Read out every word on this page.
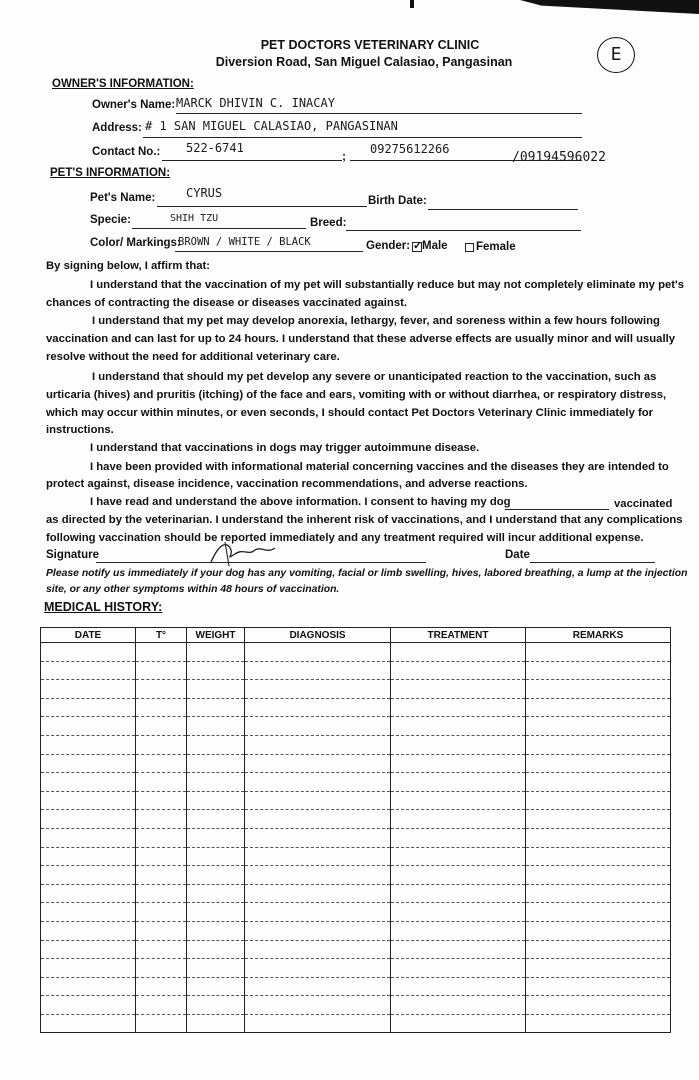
PET DOCTORS VETERINARY CLINIC
Diversion Road, San Miguel Calasiao, Pangasinan	E
OWNER'S INFORMATION:
Owner's Name: MARCK DHIVIN C. INACAY
Address: # 1 SAN MIGUEL CALASIAO, PANGASINAN
Contact No.:	;
522-6741	09275612266
/09194596022
PET'S INFORMATION:
Pet's Name:	CYRUS
Birth Date:
Specie:	SHIH TZU	Breed:
Color/ Markings:
BROWN / WHITE / BLACK	Gender: ✓ Male Female
By signing below, I affirm that:
I understand that the vaccination of my pet will substantially reduce but may not completely eliminate my pet's
chances of contracting the disease or diseases vaccinated against.
I understand that my pet may develop anorexia, lethargy, fever, and soreness within a few hours following
vaccination and can last for up to 24 hours. I understand that these adverse effects are usually minor and will usually
resolve without the need for additional veterinary care.
I understand that should my pet develop any severe or unanticipated reaction to the vaccination, such as
urticaria (hives) and pruritis (itching) of the face and ears, vomiting with or without diarrhea, or respiratory distress,
which may occur within minutes, or even seconds, I should contact Pet Doctors Veterinary Clinic immediately for
instructions.
I understand that vaccinations in dogs may trigger autoimmune disease.
I have been provided with informational material concerning vaccines and the diseases they are intended to
protect against, disease incidence, vaccination recommendations, and adverse reactions.
I have read and understand the above information. I consent to having my dog	vaccinated
as directed by the veterinarian. I understand the inherent risk of vaccinations, and I understand that any complications
following vaccination should be reported immediately and any treatment required will incur additional expense.
Signature	Date
Please notify us immediately if your dog has any vomiting, facial or limb swelling, hives, labored breathing, a lump at the injection
site, or any other symptoms within 48 hours of vaccination.
MEDICAL HISTORY:
DATE	T°	WEIGHT	DIAGNOSIS	TREATMENT	REMARKS
